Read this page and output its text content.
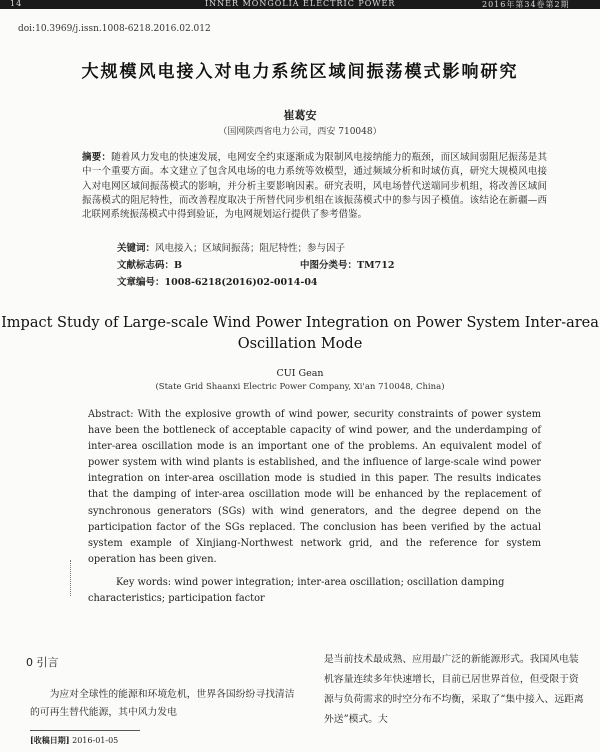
14	INNER MONGOLIA ELECTRIC POWER	2016年第34卷第2期
doi:10.3969/j.issn.1008-6218.2016.02.012
大规模风电接入对电力系统区域间振荡模式影响研究
崔葛安
（国网陕西省电力公司，西安 710048）
摘要：随着风力发电的快速发展，电网安全约束逐渐成为限制风电接纳能力的瓶颈，而区域间弱阻尼振荡是其中一个重要方面。本文建立了包含风电场的电力系统等效模型，通过频域分析和时域仿真，研究大规模风电接入对电网区域间振荡模式的影响，并分析主要影响因素。研究表明，风电场替代送端同步机组，将改善区域间振荡模式的阻尼特性，而改善程度取决于所替代同步机组在该振荡模式中的参与因子模值。该结论在新疆—西北联网系统振荡模式中得到验证，为电网规划运行提供了参考借鉴。
关键词：风电接入；区域间振荡；阻尼特性；参与因子
文献标志码：B	中图分类号：TM712
文章编号：1008-6218(2016)02-0014-04
Impact Study of Large-scale Wind Power Integration on Power System Inter-area Oscillation Mode
CUI Gean
(State Grid Shaanxi Electric Power Company, Xi'an 710048, China)
Abstract: With the explosive growth of wind power, security constraints of power system have been the bottleneck of acceptable capacity of wind power, and the underdamping of inter-area oscillation mode is an important one of the problems. An equivalent model of power system with wind plants is established, and the influence of large-scale wind power integration on inter-area oscillation mode is studied in this paper. The results indicates that the damping of inter-area oscillation mode will be enhanced by the replacement of synchronous generators (SGs) with wind generators, and the degree depend on the participation factor of the SGs replaced. The conclusion has been verified by the actual system example of Xinjiang-Northwest network grid, and the reference for system operation has been given.
Key words: wind power integration; inter-area oscillation; oscillation damping characteristics; participation factor
0 引言
为应对全球性的能源和环境危机，世界各国纷纷寻找清洁的可再生替代能源，其中风力发电
是当前技术最成熟、应用最广泛的新能源形式。我国风电装机容量连续多年快速增长，目前已居世界首位，但受限于资源与负荷需求的时空分布不均衡，采取了“集中接入、远距离外送”模式。大
[收稿日期] 2016-01-05
